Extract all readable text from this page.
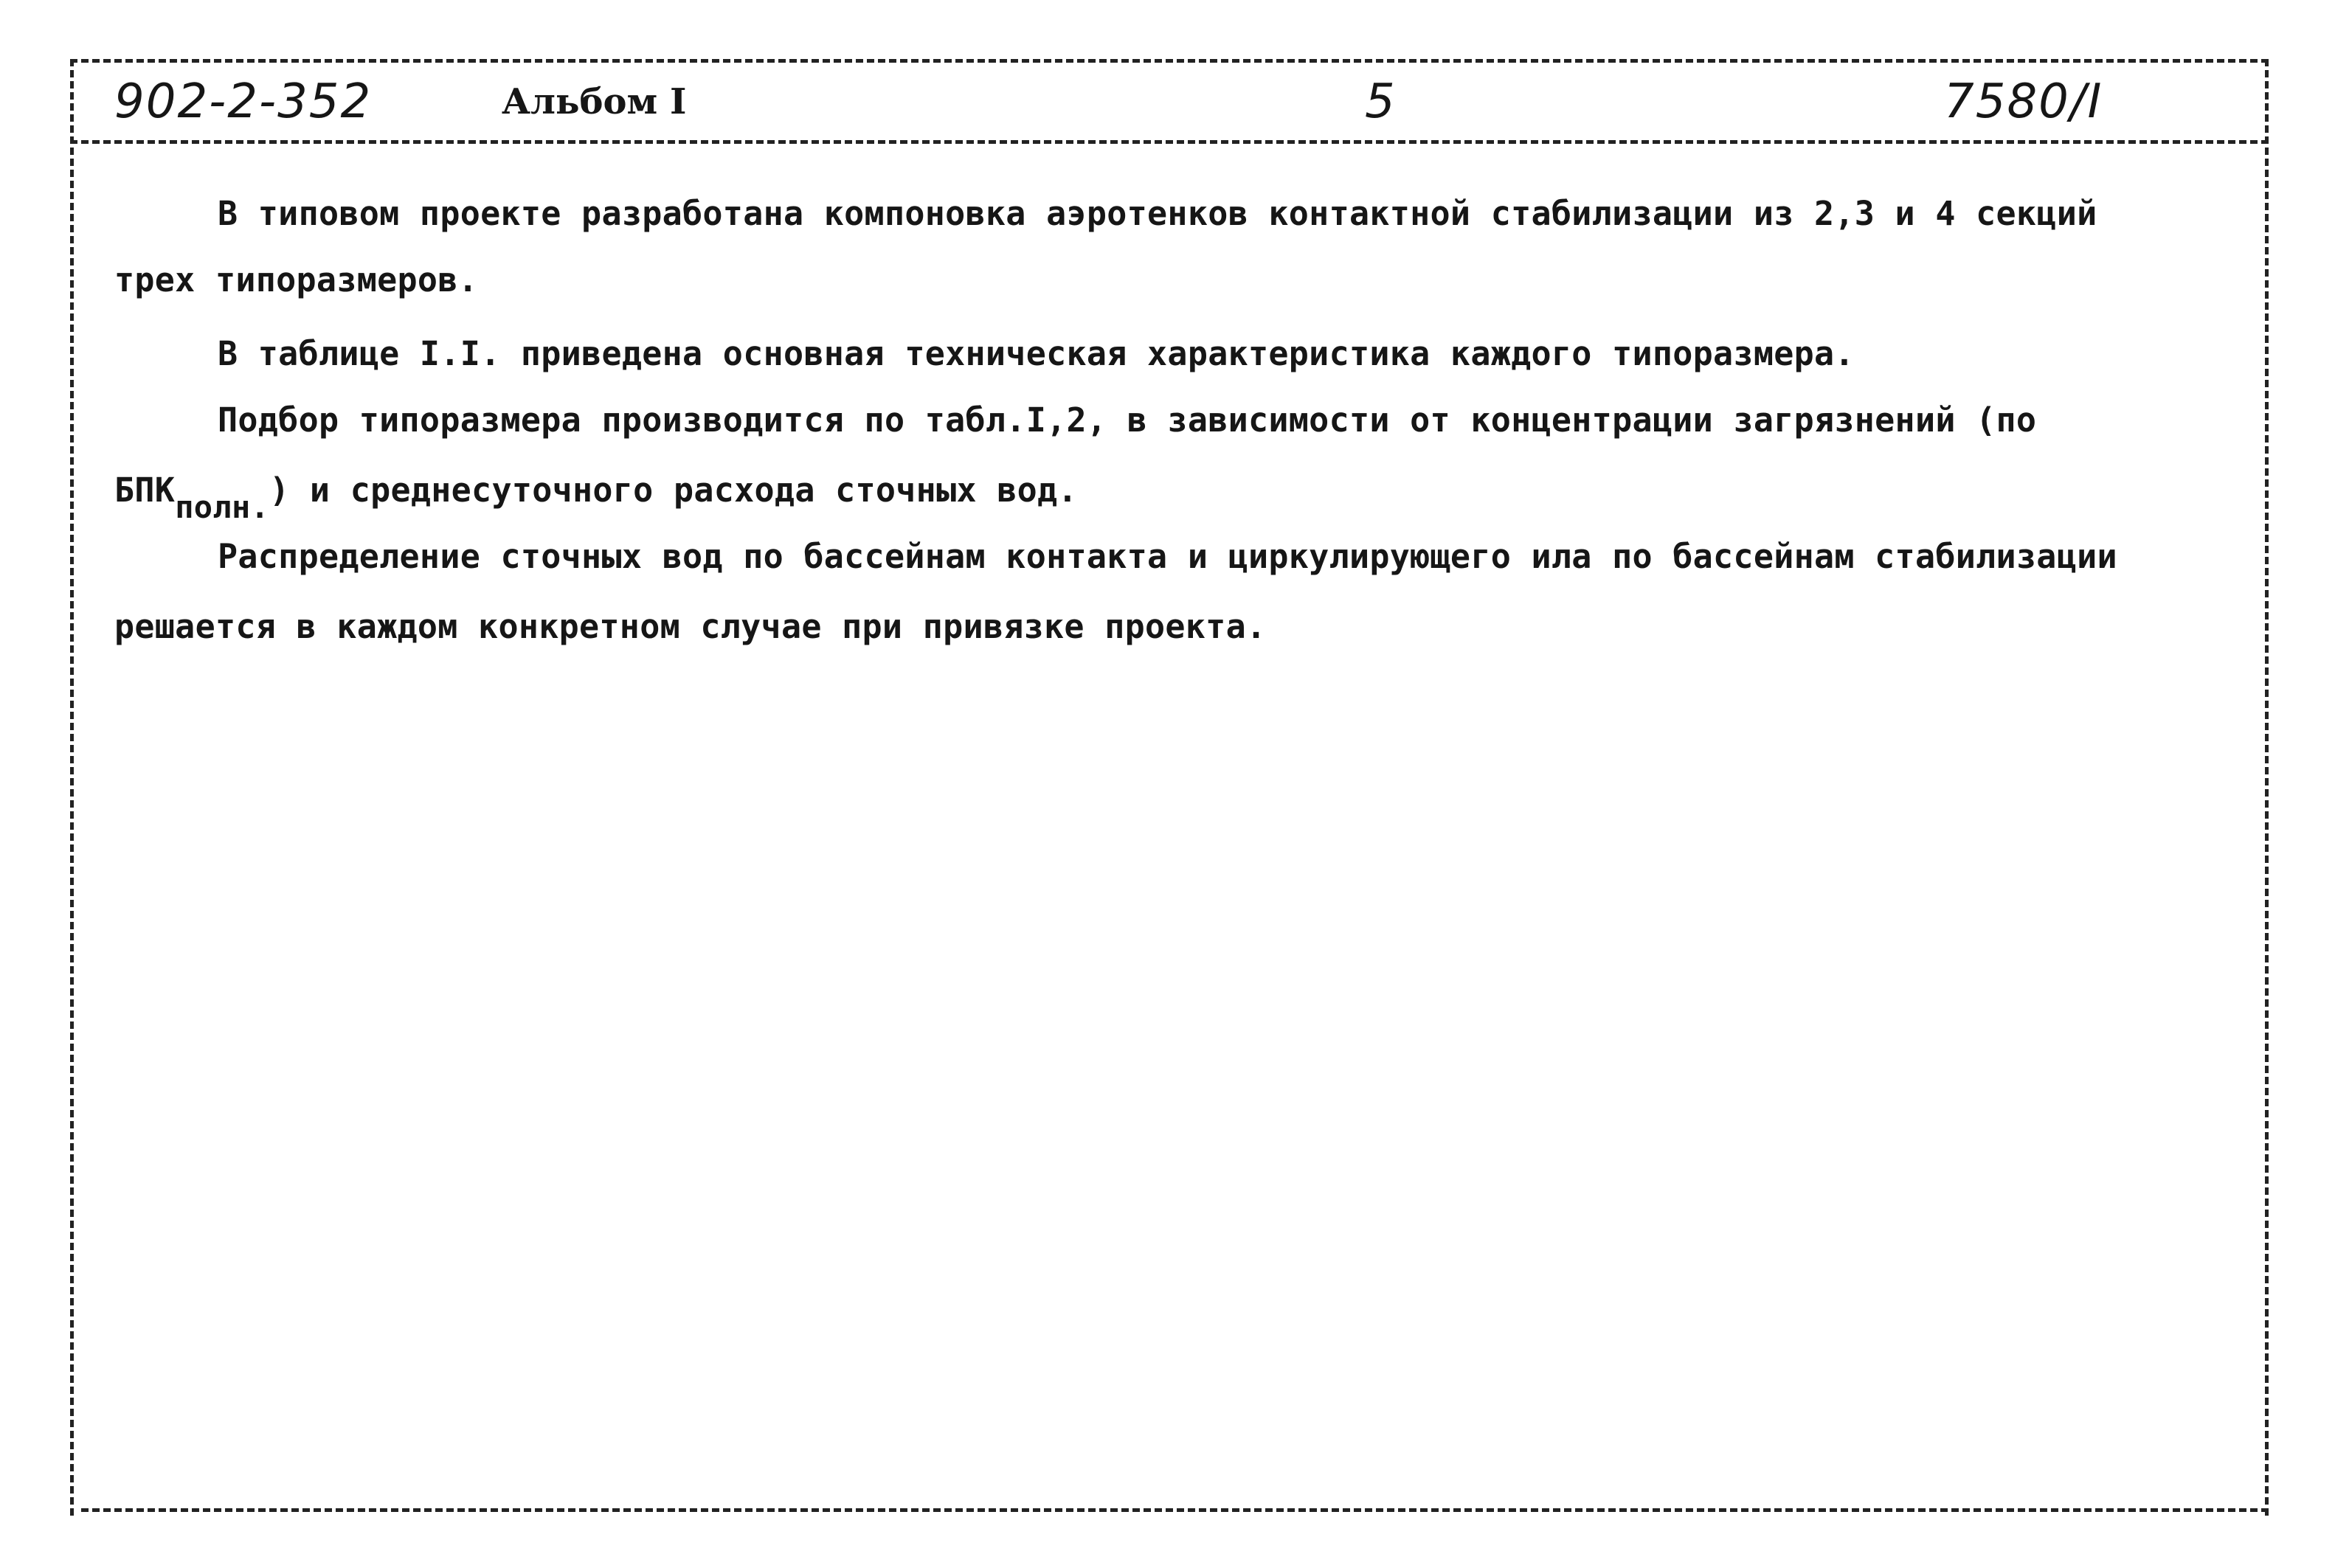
902-2-352	Альбом I	5	7580/I
В типовом проекте разработана компоновка аэротенков контактной стабилизации из 2,3 и 4 секций
трех типоразмеров.
В таблице I.I. приведена основная техническая характеристика каждого типоразмера.
Подбор типоразмера производится по табл.I,2, в зависимости от концентрации загрязнений (по
БПКполн.) и среднесуточного расхода сточных вод.
Распределение сточных вод по бассейнам контакта и циркулирующего ила по бассейнам стабилизации
решается в каждом конкретном случае при привязке проекта.
